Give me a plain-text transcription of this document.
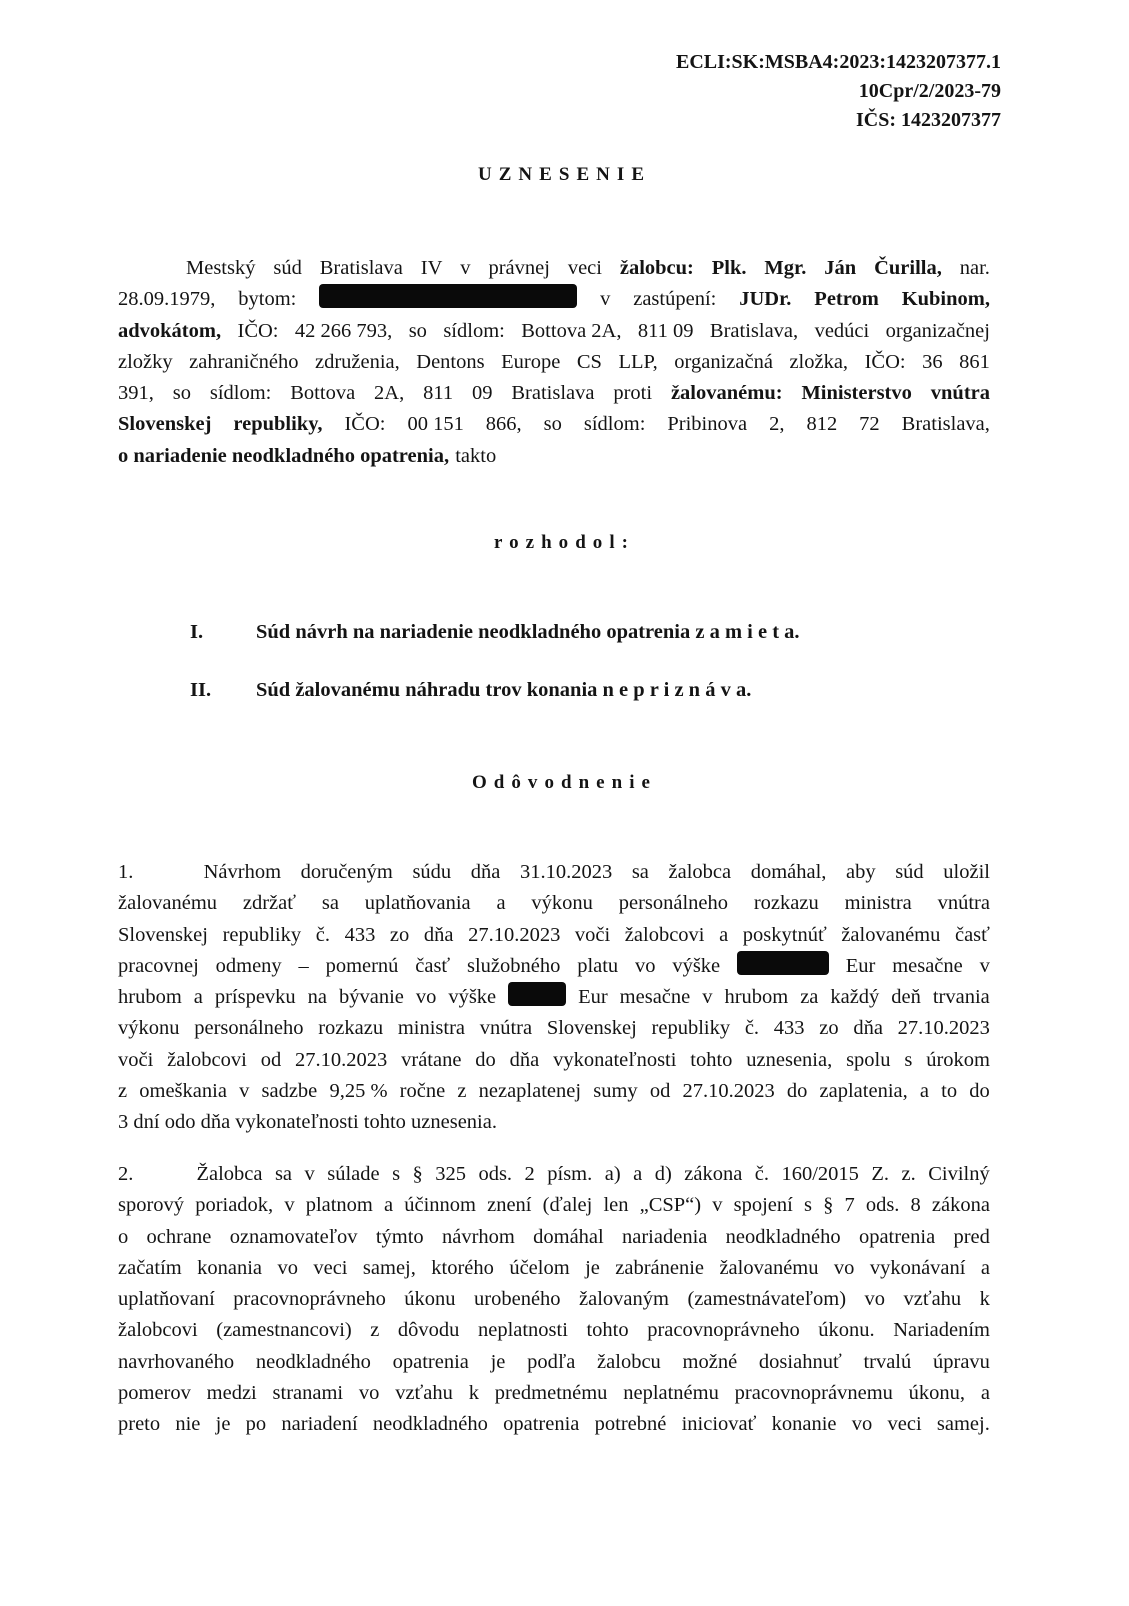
ECLI:SK:MSBA4:2023:1423207377.1
10Cpr/2/2023-79
IČS: 1423207377
UZNESENIE
Mestský súd Bratislava IV v právnej veci žalobcu: Plk. Mgr. Ján Čurilla, nar.
28.09.1979, bytom:	v zastúpení: JUDr. Petrom Kubinom,
advokátom, IČO: 42 266 793, so sídlom: Bottova 2A, 811 09 Bratislava, vedúci organizačnej
zložky zahraničného združenia, Dentons Europe CS LLP, organizačná zložka, IČO: 36 861
391, so sídlom: Bottova 2A, 811 09 Bratislava proti žalovanému: Ministerstvo vnútra
Slovenskej republiky, IČO: 00 151 866, so sídlom: Pribinova 2, 812 72 Bratislava,
o nariadenie neodkladného opatrenia, takto
rozhodol:
I.	Súd návrh na nariadenie neodkladného opatrenia z a m i e t a.
II. Súd žalovanému náhradu trov konania n e p r i z n á v a.
Odôvodnenie
1.	Návrhom doručeným súdu dňa 31.10.2023 sa žalobca domáhal, aby súd uložil
žalovanému zdržať sa uplatňovania a výkonu personálneho rozkazu ministra vnútra
Slovenskej republiky č. 433 zo dňa 27.10.2023 voči žalobcovi a poskytnúť žalovanému časť
pracovnej odmeny – pomernú časť služobného platu vo výške	Eur mesačne v
hrubom a príspevku na bývanie vo výške	Eur mesačne v hrubom za každý deň trvania
výkonu personálneho rozkazu ministra vnútra Slovenskej republiky č. 433 zo dňa 27.10.2023
voči žalobcovi od 27.10.2023 vrátane do dňa vykonateľnosti tohto uznesenia, spolu s úrokom
z omeškania v sadzbe 9,25 % ročne z nezaplatenej sumy od 27.10.2023 do zaplatenia, a to do
3 dní odo dňa vykonateľnosti tohto uznesenia.
2.	Žalobca sa v súlade s § 325 ods. 2 písm. a) a d) zákona č. 160/2015 Z. z. Civilný
sporový poriadok, v platnom a účinnom znení (ďalej len „CSP“) v spojení s § 7 ods. 8 zákona
o ochrane oznamovateľov týmto návrhom domáhal nariadenia neodkladného opatrenia pred
začatím konania vo veci samej, ktorého účelom je zabránenie žalovanému vo vykonávaní a
uplatňovaní pracovnoprávneho úkonu urobeného žalovaným (zamestnávateľom) vo vzťahu k
žalobcovi (zamestnancovi) z dôvodu neplatnosti tohto pracovnoprávneho úkonu. Nariadením
navrhovaného neodkladného opatrenia je podľa žalobcu možné dosiahnuť trvalú úpravu
pomerov medzi stranami vo vzťahu k predmetnému neplatnému pracovnoprávnemu úkonu, a
preto nie je po nariadení neodkladného opatrenia potrebné iniciovať konanie vo veci samej.
